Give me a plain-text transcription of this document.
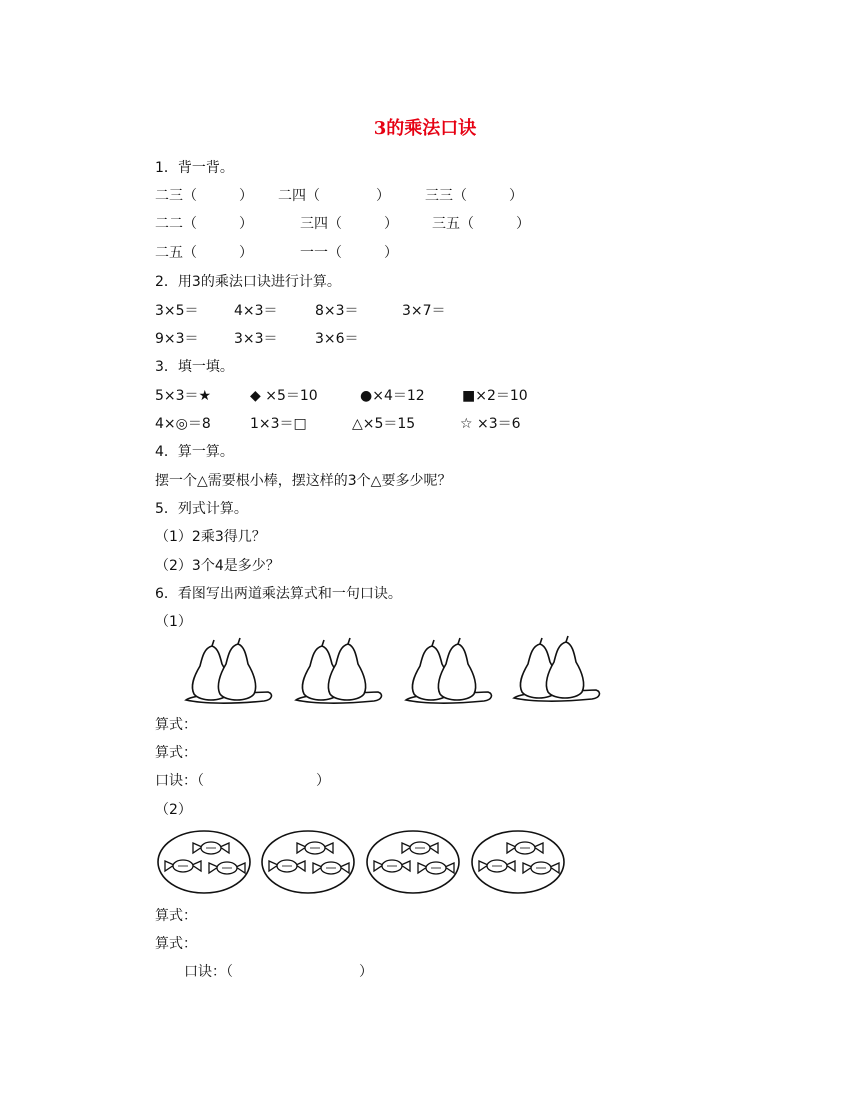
3的乘法口诀
1．背一背。
二三（　　　） 二四（　　　　）	三三（　　　）
二二（　　　）	三四（　　　） 三五（　　　）
二五（　　　）	一一（　　　）
2．用3的乘法口诀进行计算。
3×5＝	4×3＝	8×3＝	3×7＝
9×3＝	3×3＝	3×6＝
3．填一填。
5×3＝★	◆ ×5＝10	●×4＝12	■×2＝10
4×◎＝8	1×3＝□	△×5＝15	☆ ×3＝6
4．算一算。
摆一个△需要根小棒，摆这样的3个△要多少呢？
5．列式计算。
（1）2乘3得几？
（2）3个4是多少？
6．看图写出两道乘法算式和一句口诀。
（1）
算式：
算式：
口诀：（　　　　　　　　）
（2）
算式：
算式：
口诀：（　　　　　　　　　）
